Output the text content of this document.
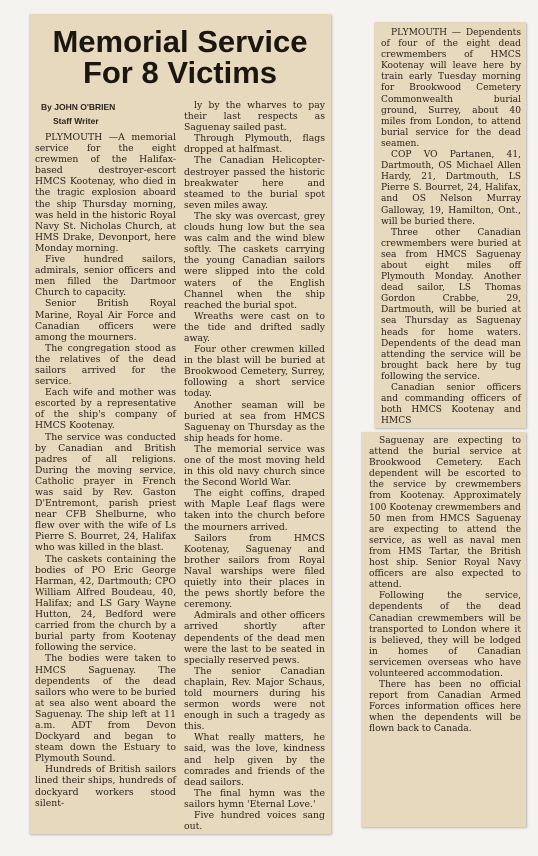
Memorial Service
For 8 Victims
By JOHN O'BRIEN
Staff Writer

PLYMOUTH —A memorial service for the eight crewmen of the Halifax-based destroyer-escort HMCS Kootenay, who died in the tragic explosion aboard the ship Thursday morning, was held in the historic Royal Navy St. Nicholas Church, at HMS Drake, Devonport, here Monday morning.

Five hundred sailors, admirals, senior officers and men filled the Dartmoor Church to capacity.

Senior British Royal Marine, Royal Air Force and Canadian officers were among the mourners.

The congregation stood as the relatives of the dead sailors arrived for the service.

Each wife and mother was escorted by a representative of the ship's company of HMCS Kootenay.

The service was conducted by Canadian and British padres of all religions. During the moving service, Catholic prayer in French was said by Rev. Gaston D'Entremont, parish priest near CFB Shelburne, who flew over with the wife of Ls Pierre S. Bourret, 24, Halifax who was killed in the blast.

The caskets containing the bodies of PO Eric George Harman, 42, Dartmouth; CPO William Alfred Boudeau, 40, Halifax; and LS Gary Wayne Hutton, 24, Bedford were carried from the church by a burial party from Kootenay following the service.

The bodies were taken to HMCS Saguenay. The dependents of the dead sailors who were to be buried at sea also went aboard the Saguenay. The ship left at 11 a.m. ADT from Devon Dockyard and began to steam down the Estuary to Plymouth Sound.

Hundreds of British sailors lined their ships, hundreds of dockyard workers stood silent-

ly by the wharves to pay their last respects as Saguenay sailed past.

Through Plymouth, flags dropped at halfmast.

The Canadian Helicopter-destroyer passed the historic breakwater here and steamed to the burial spot seven miles away.

The sky was overcast, grey clouds hung low but the sea was calm and the wind blew softly. The caskets carrying the young Canadian sailors were slipped into the cold waters of the English Channel when the ship reached the burial spot.

Wreaths were cast on to the tide and drifted sadly away.

Four other crewmen killed in the blast will be buried at Brookwood Cemetery, Surrey, following a short service today.

Another seaman will be buried at sea from HMCS Saguenay on Thursday as the ship heads for home.

The memorial service was one of the most moving held in this old navy church since the Second World War.

The eight coffins, draped with Maple Leaf flags were taken into the church before the mourners arrived.

Sailors from HMCS Kootenay, Saguenay and brother sailors from Royal Naval warships were filed quietly into their places in the pews shortly before the ceremony.

Admirals and other officers arrived shortly after dependents of the dead men were the last to be seated in specially reserved pews.

The senior Canadian chaplain, Rev. Major Schaus, told mourners during his sermon words were not enough in such a tragedy as this.

What really matters, he said, was the love, kindness and help given by the comrades and friends of the dead sailors.

The final hymn was the sailors hymn 'Eternal Love.'

Five hundred voices sang out.

PLYMOUTH — Dependents of four of the eight dead crewmembers of HMCS Kootenay will leave here by train early Tuesday morning for Brookwood Cemetery Commonwealth burial ground, Surrey, about 40 miles from London, to attend burial service for the dead seamen.

COP VO Partanen, 41, Dartmouth, OS Michael Allen Hardy, 21, Dartmouth, LS Pierre S. Bourret, 24, Halifax, and OS Nelson Murray Galloway, 19, Hamilton, Ont., will be buried there.

Three other Canadian crewmembers were buried at sea from HMCS Saguenay about eight miles off Plymouth Monday. Another dead sailor, LS Thomas Gordon Crabbe, 29, Dartmouth, will be buried at sea Thursday as Saguenay heads for home waters. Dependents of the dead man attending the service will be brought back here by tug following the service.

Canadian senior officers and commanding officers of both HMCS Kootenay and HMCS

Saguenay are expecting to attend the burial service at Brookwood Cemetery. Each dependent will be escorted to the service by crewmembers from Kootenay. Approximately 100 Kootenay crewmembers and 50 men from HMCS Saguenay are expecting to attend the service, as well as naval men from HMS Tartar, the British host ship. Senior Royal Navy officers are also expected to attend.

Following the service, dependents of the dead Canadian crewmembers will be transported to London where it is believed, they will be lodged in homes of Canadian servicemen overseas who have volunteered accommodation.

There has been no official report from Canadian Armed Forces information offices here when the dependents will be flown back to Canada.
